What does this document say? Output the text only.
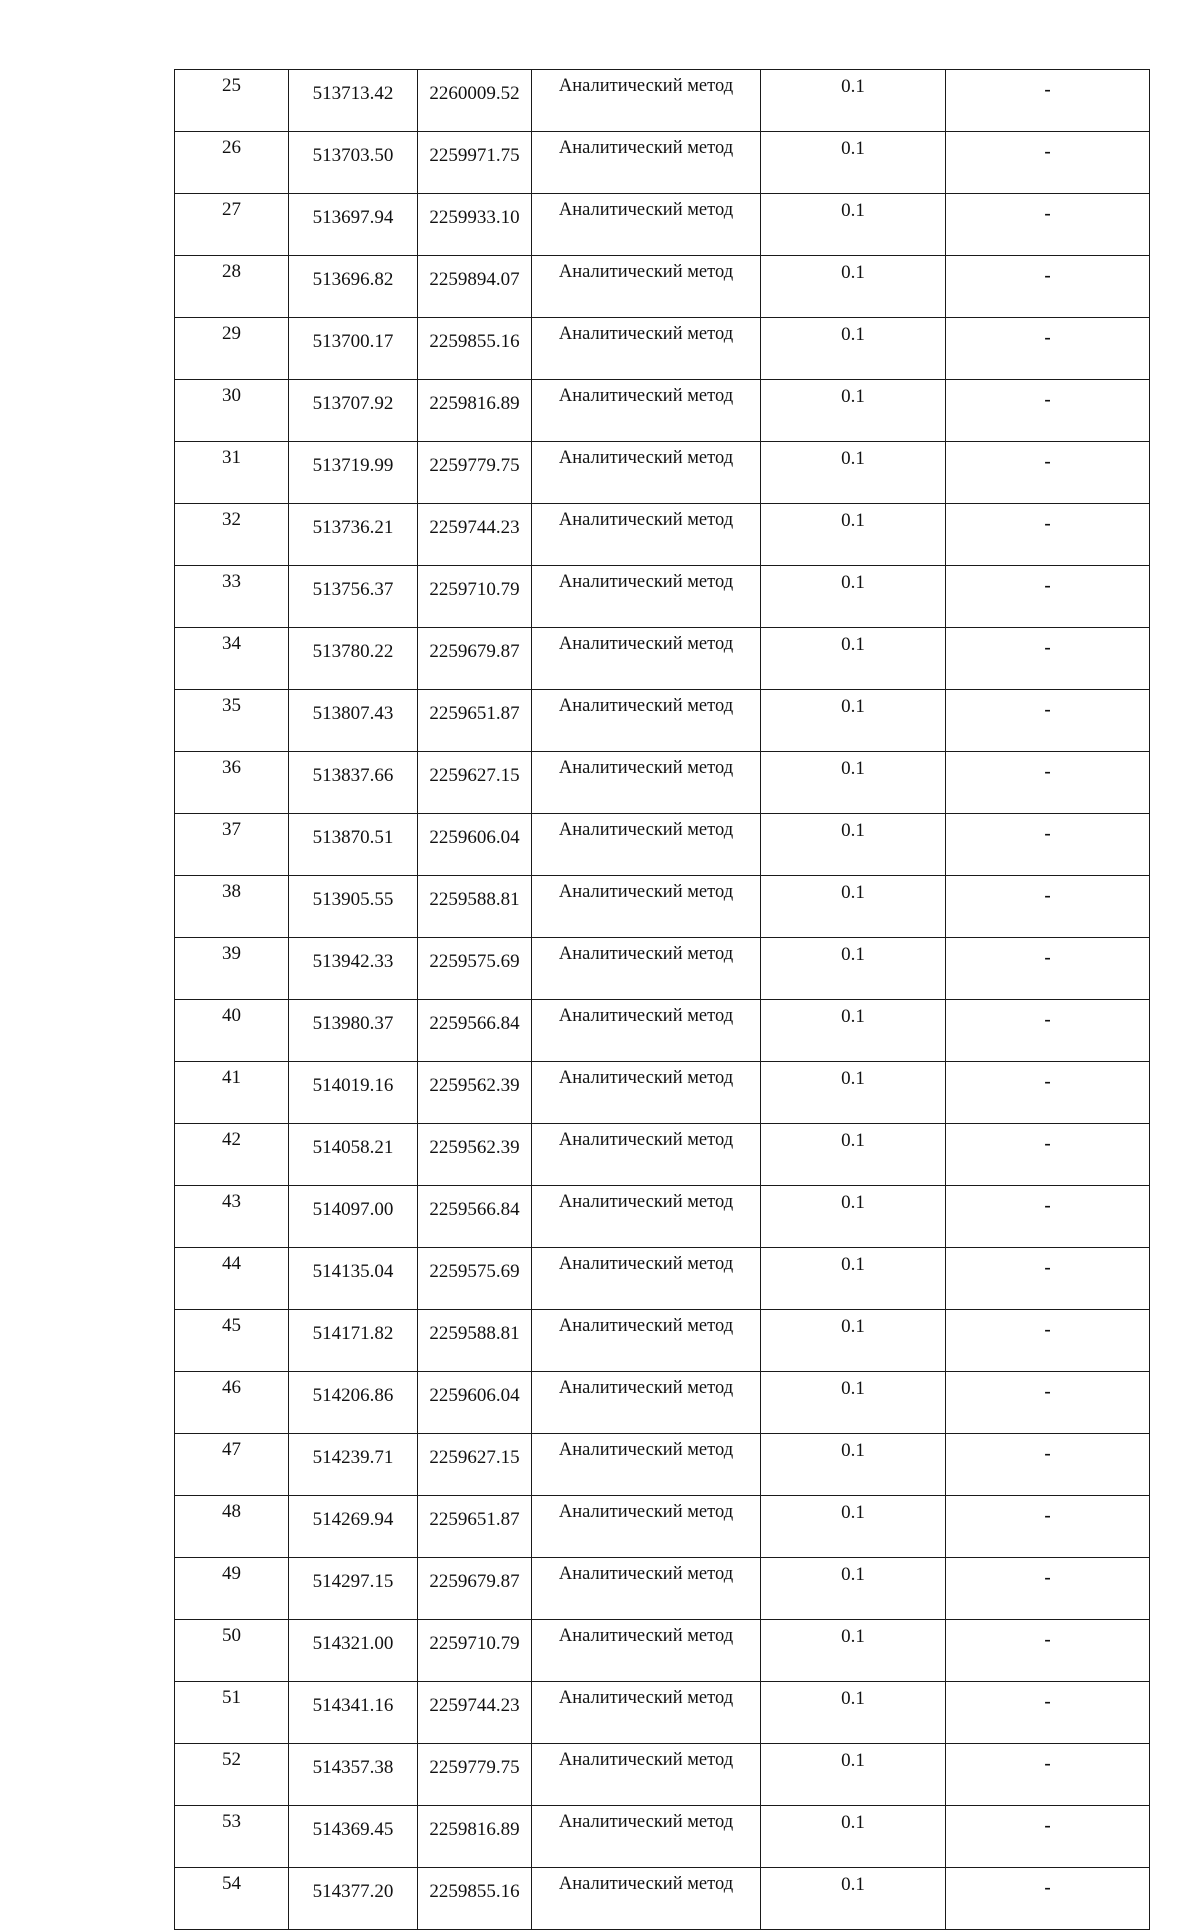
25	513713.42	2260009.52	Аналитический метод	0.1	-
26	513703.50	2259971.75	Аналитический метод	0.1	-
27	513697.94	2259933.10	Аналитический метод	0.1	-
28	513696.82	2259894.07	Аналитический метод	0.1	-
29	513700.17	2259855.16	Аналитический метод	0.1	-
30	513707.92	2259816.89	Аналитический метод	0.1	-
31	513719.99	2259779.75	Аналитический метод	0.1	-
32	513736.21	2259744.23	Аналитический метод	0.1	-
33	513756.37	2259710.79	Аналитический метод	0.1	-
34	513780.22	2259679.87	Аналитический метод	0.1	-
35	513807.43	2259651.87	Аналитический метод	0.1	-
36	513837.66	2259627.15	Аналитический метод	0.1	-
37	513870.51	2259606.04	Аналитический метод	0.1	-
38	513905.55	2259588.81	Аналитический метод	0.1	-
39	513942.33	2259575.69	Аналитический метод	0.1	-
40	513980.37	2259566.84	Аналитический метод	0.1	-
41	514019.16	2259562.39	Аналитический метод	0.1	-
42	514058.21	2259562.39	Аналитический метод	0.1	-
43	514097.00	2259566.84	Аналитический метод	0.1	-
44	514135.04	2259575.69	Аналитический метод	0.1	-
45	514171.82	2259588.81	Аналитический метод	0.1	-
46	514206.86	2259606.04	Аналитический метод	0.1	-
47	514239.71	2259627.15	Аналитический метод	0.1	-
48	514269.94	2259651.87	Аналитический метод	0.1	-
49	514297.15	2259679.87	Аналитический метод	0.1	-
50	514321.00	2259710.79	Аналитический метод	0.1	-
51	514341.16	2259744.23	Аналитический метод	0.1	-
52	514357.38	2259779.75	Аналитический метод	0.1	-
53	514369.45	2259816.89	Аналитический метод	0.1	-
54	514377.20	2259855.16	Аналитический метод	0.1	-
